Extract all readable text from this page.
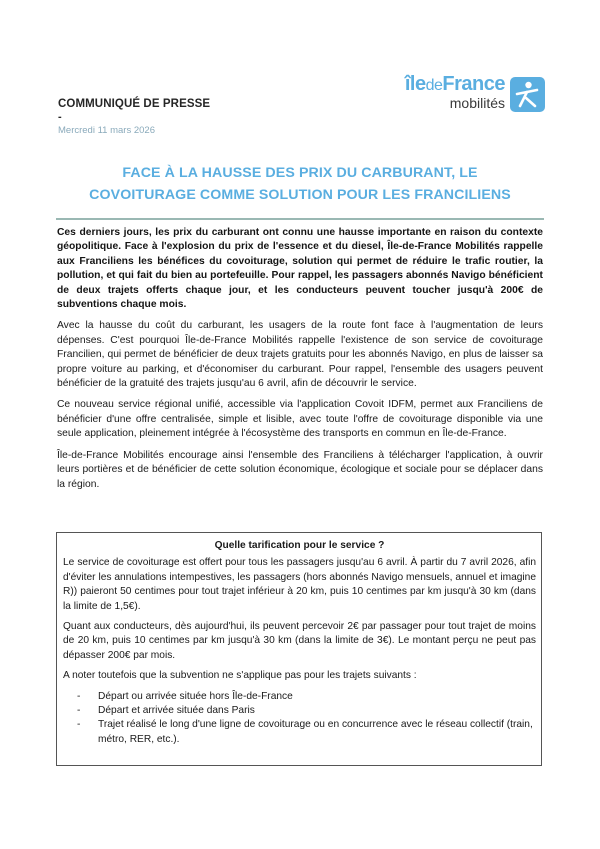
COMMUNIQUÉ DE PRESSE
-
Mercredi 11 mars 2026
îledeFrance
mobilités
FACE À LA HAUSSE DES PRIX DU CARBURANT, LE
COVOITURAGE COMME SOLUTION POUR LES FRANCILIENS

Ces derniers jours, les prix du carburant ont connu une hausse importante en raison du contexte géopolitique. Face à l'explosion du prix de l'essence et du diesel, Île-de-France Mobilités rappelle aux Franciliens les bénéfices du covoiturage, solution qui permet de réduire le trafic routier, la pollution, et qui fait du bien au portefeuille. Pour rappel, les passagers abonnés Navigo bénéficient de deux trajets offerts chaque jour, et les conducteurs peuvent toucher jusqu'à 200€ de subventions chaque mois.

Avec la hausse du coût du carburant, les usagers de la route font face à l'augmentation de leurs dépenses. C'est pourquoi Île-de-France Mobilités rappelle l'existence de son service de covoiturage Francilien, qui permet de bénéficier de deux trajets gratuits pour les abonnés Navigo, en plus de laisser sa propre voiture au parking, et d'économiser du carburant. Pour rappel, l'ensemble des usagers peuvent bénéficier de la gratuité des trajets jusqu'au 6 avril, afin de découvrir le service.

Ce nouveau service régional unifié, accessible via l'application Covoit IDFM, permet aux Franciliens de bénéficier d'une offre centralisée, simple et lisible, avec toute l'offre de covoiturage disponible via une seule application, pleinement intégrée à l'écosystème des transports en commun en Île-de-France.

Île-de-France Mobilités encourage ainsi l'ensemble des Franciliens à télécharger l'application, à ouvrir leurs portières et de bénéficier de cette solution économique, écologique et sociale pour se déplacer dans la région.

Quelle tarification pour le service ?

Le service de covoiturage est offert pour tous les passagers jusqu'au 6 avril. À partir du 7 avril 2026, afin d'éviter les annulations intempestives, les passagers (hors abonnés Navigo mensuels, annuel et imagine R)) paieront 50 centimes pour tout trajet inférieur à 20 km, puis 10 centimes par km jusqu'à 30 km (dans la limite de 1,5€).

Quant aux conducteurs, dès aujourd'hui, ils peuvent percevoir 2€ par passager pour tout trajet de moins de 20 km, puis 10 centimes par km jusqu'à 30 km (dans la limite de 3€). Le montant perçu ne peut pas dépasser 200€ par mois.

A noter toutefois que la subvention ne s'applique pas pour les trajets suivants :

- Départ ou arrivée située hors Île-de-France
- Départ et arrivée située dans Paris
- Trajet réalisé le long d'une ligne de covoiturage ou en concurrence avec le réseau collectif (train, métro, RER, etc.).
